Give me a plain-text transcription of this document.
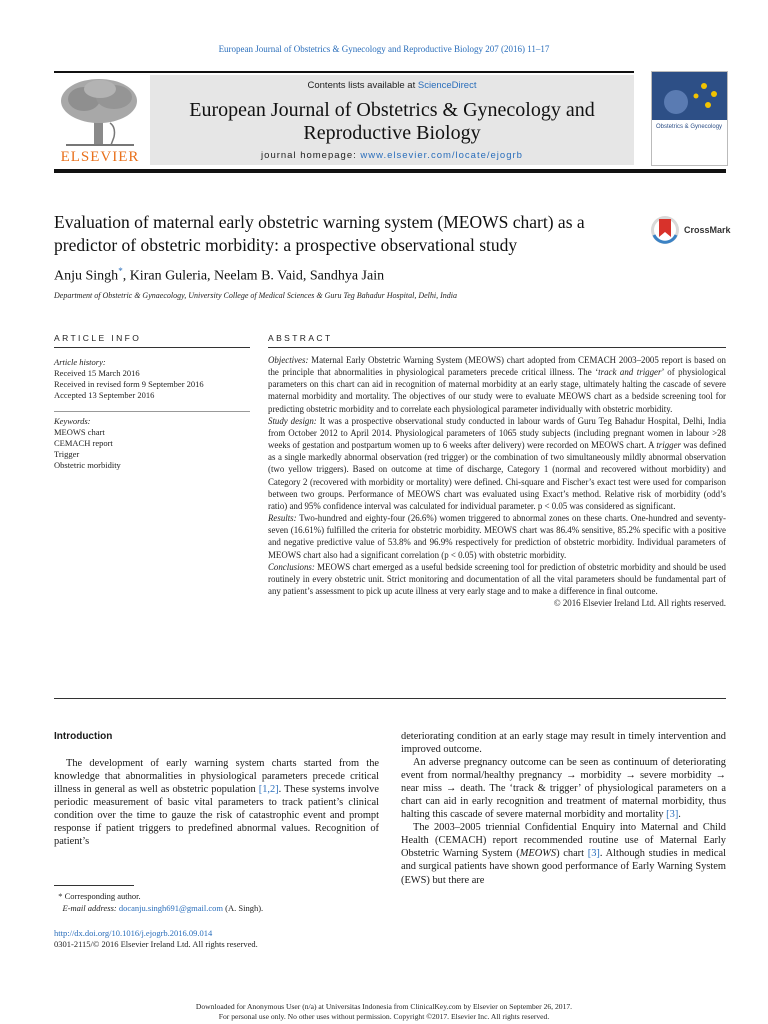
European Journal of Obstetrics & Gynecology and Reproductive Biology 207 (2016) 11–17
ELSEVIER
Contents lists available at ScienceDirect
European Journal of Obstetrics & Gynecology and Reproductive Biology
journal homepage: www.elsevier.com/locate/ejogrb
Obstetrics & Gynecology
Evaluation of maternal early obstetric warning system (MEOWS chart) as a predictor of obstetric morbidity: a prospective observational study
CrossMark
Anju Singh*, Kiran Guleria, Neelam B. Vaid, Sandhya Jain
Department of Obstetric & Gynaecology, University College of Medical Sciences & Guru Teg Bahadur Hospital, Delhi, India
ARTICLE INFO	ABSTRACT
Article history:
Received 15 March 2016
Received in revised form 9 September 2016
Accepted 13 September 2016
Keywords:
MEOWS chart
CEMACH report
Trigger
Obstetric morbidity

Objectives: Maternal Early Obstetric Warning System (MEOWS) chart adopted from CEMACH 2003–2005 report is based on the principle that abnormalities in physiological parameters precede critical illness. The ‘track and trigger’ of physiological parameters on this chart can aid in recognition of maternal morbidity at an early stage, ultimately halting the cascade of severe maternal morbidity and mortality. The objectives of our study were to evaluate MEOWS chart as a bedside screening tool for predicting obstetric morbidity and to correlate each physiological parameter individually with obstetric morbidity.

Study design: It was a prospective observational study conducted in labour wards of Guru Teg Bahadur Hospital, Delhi, India from October 2012 to April 2014. Physiological parameters of 1065 study subjects (including pregnant women in labour >28 weeks of gestation and postpartum women up to 6 weeks after delivery) were recorded on MEOWS chart. A trigger was defined as a single markedly abnormal observation (red trigger) or the combination of two simultaneously mildly abnormal observation (two yellow triggers). Based on outcome at time of discharge, Category 1 (normal and recovered without morbidity) and Category 2 (recovered with morbidity or mortality) were defined. Chi-square and Fischer’s exact test were used for comparison between two groups. Performance of MEOWS chart was evaluated using Exact’s method. Relative risk of morbidity (odd’s ratio) and 95% confidence interval was calculated for individual parameter. p < 0.05 was considered as significant.

Results: Two-hundred and eighty-four (26.6%) women triggered to abnormal zones on these charts. One-hundred and seventy-seven (16.61%) fulfilled the criteria for obstetric morbidity. MEOWS chart was 86.4% sensitive, 85.2% specific with a positive and negative predictive value of 53.8% and 96.9% respectively for prediction of obstetric morbidity. Individual parameters of MEOWS chart also had a significant correlation (p < 0.05) with obstetric morbidity.

Conclusions: MEOWS chart emerged as a useful bedside screening tool for prediction of obstetric morbidity and should be used routinely in every obstetric unit. Strict monitoring and documentation of all the vital parameters should be fundamental part of any patient’s assessment to pick up acute illness at very early stage and to make a difference in final outcome.

© 2016 Elsevier Ireland Ltd. All rights reserved.

Introduction

The development of early warning system charts started from the knowledge that abnormalities in physiological parameters precede critical illness in general as well as obstetric population [1,2]. These systems involve periodic measurement of basic vital parameters to track patient’s clinical condition over the time to gauze the risk of catastrophic event and prompt response if patient triggers to predefined abnormal values. Recognition of patient’s

deteriorating condition at an early stage may result in timely intervention and improved outcome.

An adverse pregnancy outcome can be seen as continuum of deteriorating event from normal/healthy pregnancy → morbidity → severe morbidity → near miss → death. The ‘track & trigger’ of physiological parameters on a chart can aid in early recognition and treatment of maternal morbidity, thus halting this cascade of severe maternal morbidity and mortality [3].

The 2003–2005 triennial Confidential Enquiry into Maternal and Child Health (CEMACH) report recommended routine use of Maternal Early Obstetric Warning System (MEOWS) chart [3]. Although studies in medical and surgical patients have shown good performance of Early Warning System (EWS) but there are

* Corresponding author.
E-mail address: docanju.singh691@gmail.com (A. Singh).
http://dx.doi.org/10.1016/j.ejogrb.2016.09.014
0301-2115/© 2016 Elsevier Ireland Ltd. All rights reserved.
Downloaded for Anonymous User (n/a) at Universitas Indonesia from ClinicalKey.com by Elsevier on September 26, 2017.
For personal use only. No other uses without permission. Copyright ©2017. Elsevier Inc. All rights reserved.
